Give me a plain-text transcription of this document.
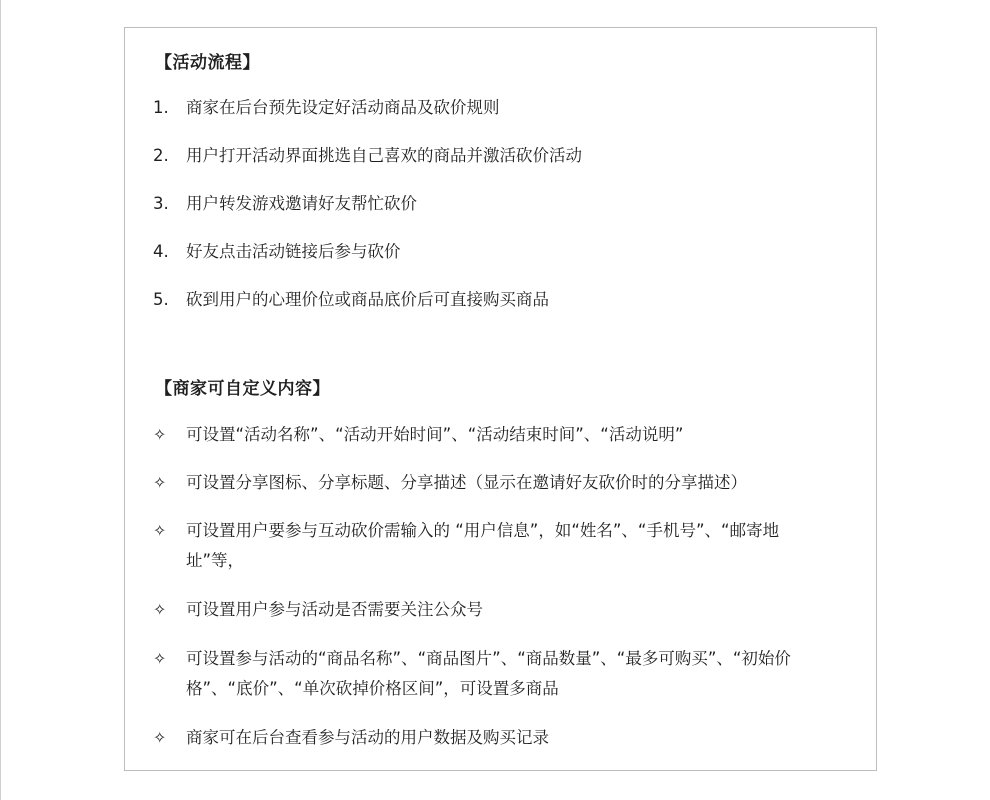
【活动流程】
1.	商家在后台预先设定好活动商品及砍价规则
2.	用户打开活动界面挑选自己喜欢的商品并激活砍价活动
3.	用户转发游戏邀请好友帮忙砍价
4.	好友点击活动链接后参与砍价
5.	砍到用户的心理价位或商品底价后可直接购买商品
【商家可自定义内容】
✧	可设置“活动名称”、“活动开始时间”、“活动结束时间”、“活动说明”
✧	可设置分享图标、分享标题、分享描述（显示在邀请好友砍价时的分享描述）
✧	可设置用户要参与互动砍价需输入的 “用户信息”，如“姓名”、“手机号”、“邮寄地址”等，
✧	可设置用户参与活动是否需要关注公众号
✧	可设置参与活动的“商品名称”、“商品图片”、“商品数量”、“最多可购买”、“初始价格”、“底价”、“单次砍掉价格区间”，可设置多商品
✧	商家可在后台查看参与活动的用户数据及购买记录
